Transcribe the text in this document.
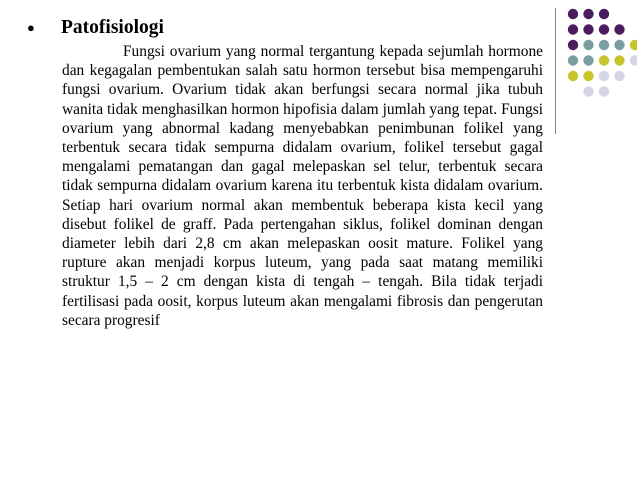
●	Patofisiologi

Fungsi ovarium yang normal tergantung kepada sejumlah hormone dan kegagalan pembentukan salah satu hormon tersebut bisa mempengaruhi fungsi ovarium. Ovarium tidak akan berfungsi secara normal jika tubuh wanita tidak menghasilkan hormon hipofisia dalam jumlah yang tepat. Fungsi ovarium yang abnormal kadang menyebabkan penimbunan folikel yang terbentuk secara tidak sempurna didalam ovarium, folikel tersebut gagal mengalami pematangan dan gagal melepaskan sel telur, terbentuk secara tidak sempurna didalam ovarium karena itu terbentuk kista didalam ovarium. Setiap hari ovarium normal akan membentuk beberapa kista kecil yang disebut folikel de graff. Pada pertengahan siklus, folikel dominan dengan diameter lebih dari 2,8 cm akan melepaskan oosit mature. Folikel yang rupture akan menjadi korpus luteum, yang pada saat matang memiliki struktur 1,5 – 2 cm dengan kista di tengah – tengah. Bila tidak terjadi fertilisasi pada oosit, korpus luteum akan mengalami fibrosis dan pengerutan secara progresif
